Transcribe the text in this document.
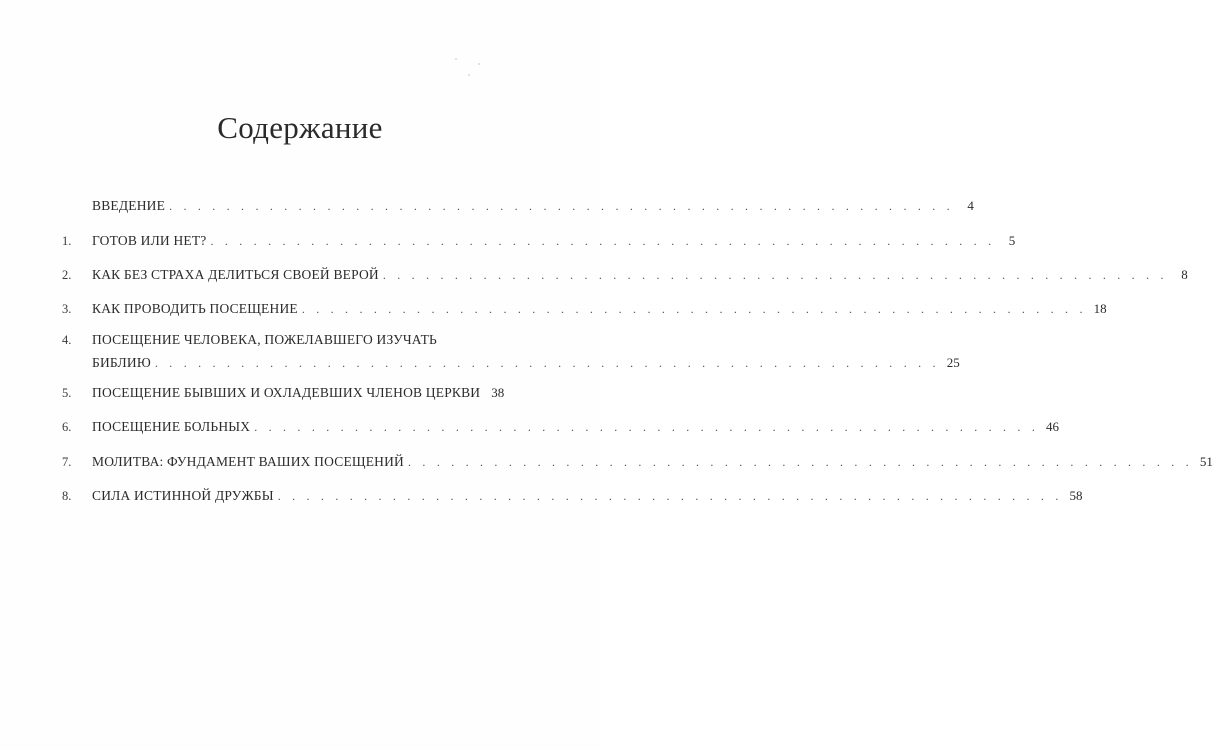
Содержание
ВВЕДЕНИЕ . . . . . . . . . . . . . . . . . . . . . . . . . . . . . . . . . . . . . . . . . . . . . . . . . . . . . . .	4
1.	ГОТОВ ИЛИ НЕТ? . . . . . . . . . . . . . . . . . . . . . . . . . . . . . . . . . . . . . . . . . . . . . . . . . . . . . . .	5
2.	КАК БЕЗ СТРАХА ДЕЛИТЬСЯ СВОЕЙ ВЕРОЙ . . . . . . . . . . . . . . . . . . . . . . . . . . . . . . . . . . . . . . . . . . . . . . . . . . . . . . .	8
3.	КАК ПРОВОДИТЬ ПОСЕЩЕНИЕ . . . . . . . . . . . . . . . . . . . . . . . . . . . . . . . . . . . . . . . . . . . . . . . . . . . . . . . 18
4.	ПОСЕЩЕНИЕ ЧЕЛОВЕКА, ПОЖЕЛАВШЕГО ИЗУЧАТЬ
БИБЛИЮ . . . . . . . . . . . . . . . . . . . . . . . . . . . . . . . . . . . . . . . . . . . . . . . . . . . . . . . 25
5.	ПОСЕЩЕНИЕ БЫВШИХ И ОХЛАДЕВШИХ ЧЛЕНОВ ЦЕРКВИ 38
6.	ПОСЕЩЕНИЕ БОЛЬНЫХ . . . . . . . . . . . . . . . . . . . . . . . . . . . . . . . . . . . . . . . . . . . . . . . . . . . . . . . 46
7.	МОЛИТВА: ФУНДАМЕНТ ВАШИХ ПОСЕЩЕНИЙ . . . . . . . . . . . . . . . . . . . . . . . . . . . . . . . . . . . . . . . . . . . . . . . . . . . . . . . 51
8.	СИЛА ИСТИННОЙ ДРУЖБЫ . . . . . . . . . . . . . . . . . . . . . . . . . . . . . . . . . . . . . . . . . . . . . . . . . . . . . . . 58
